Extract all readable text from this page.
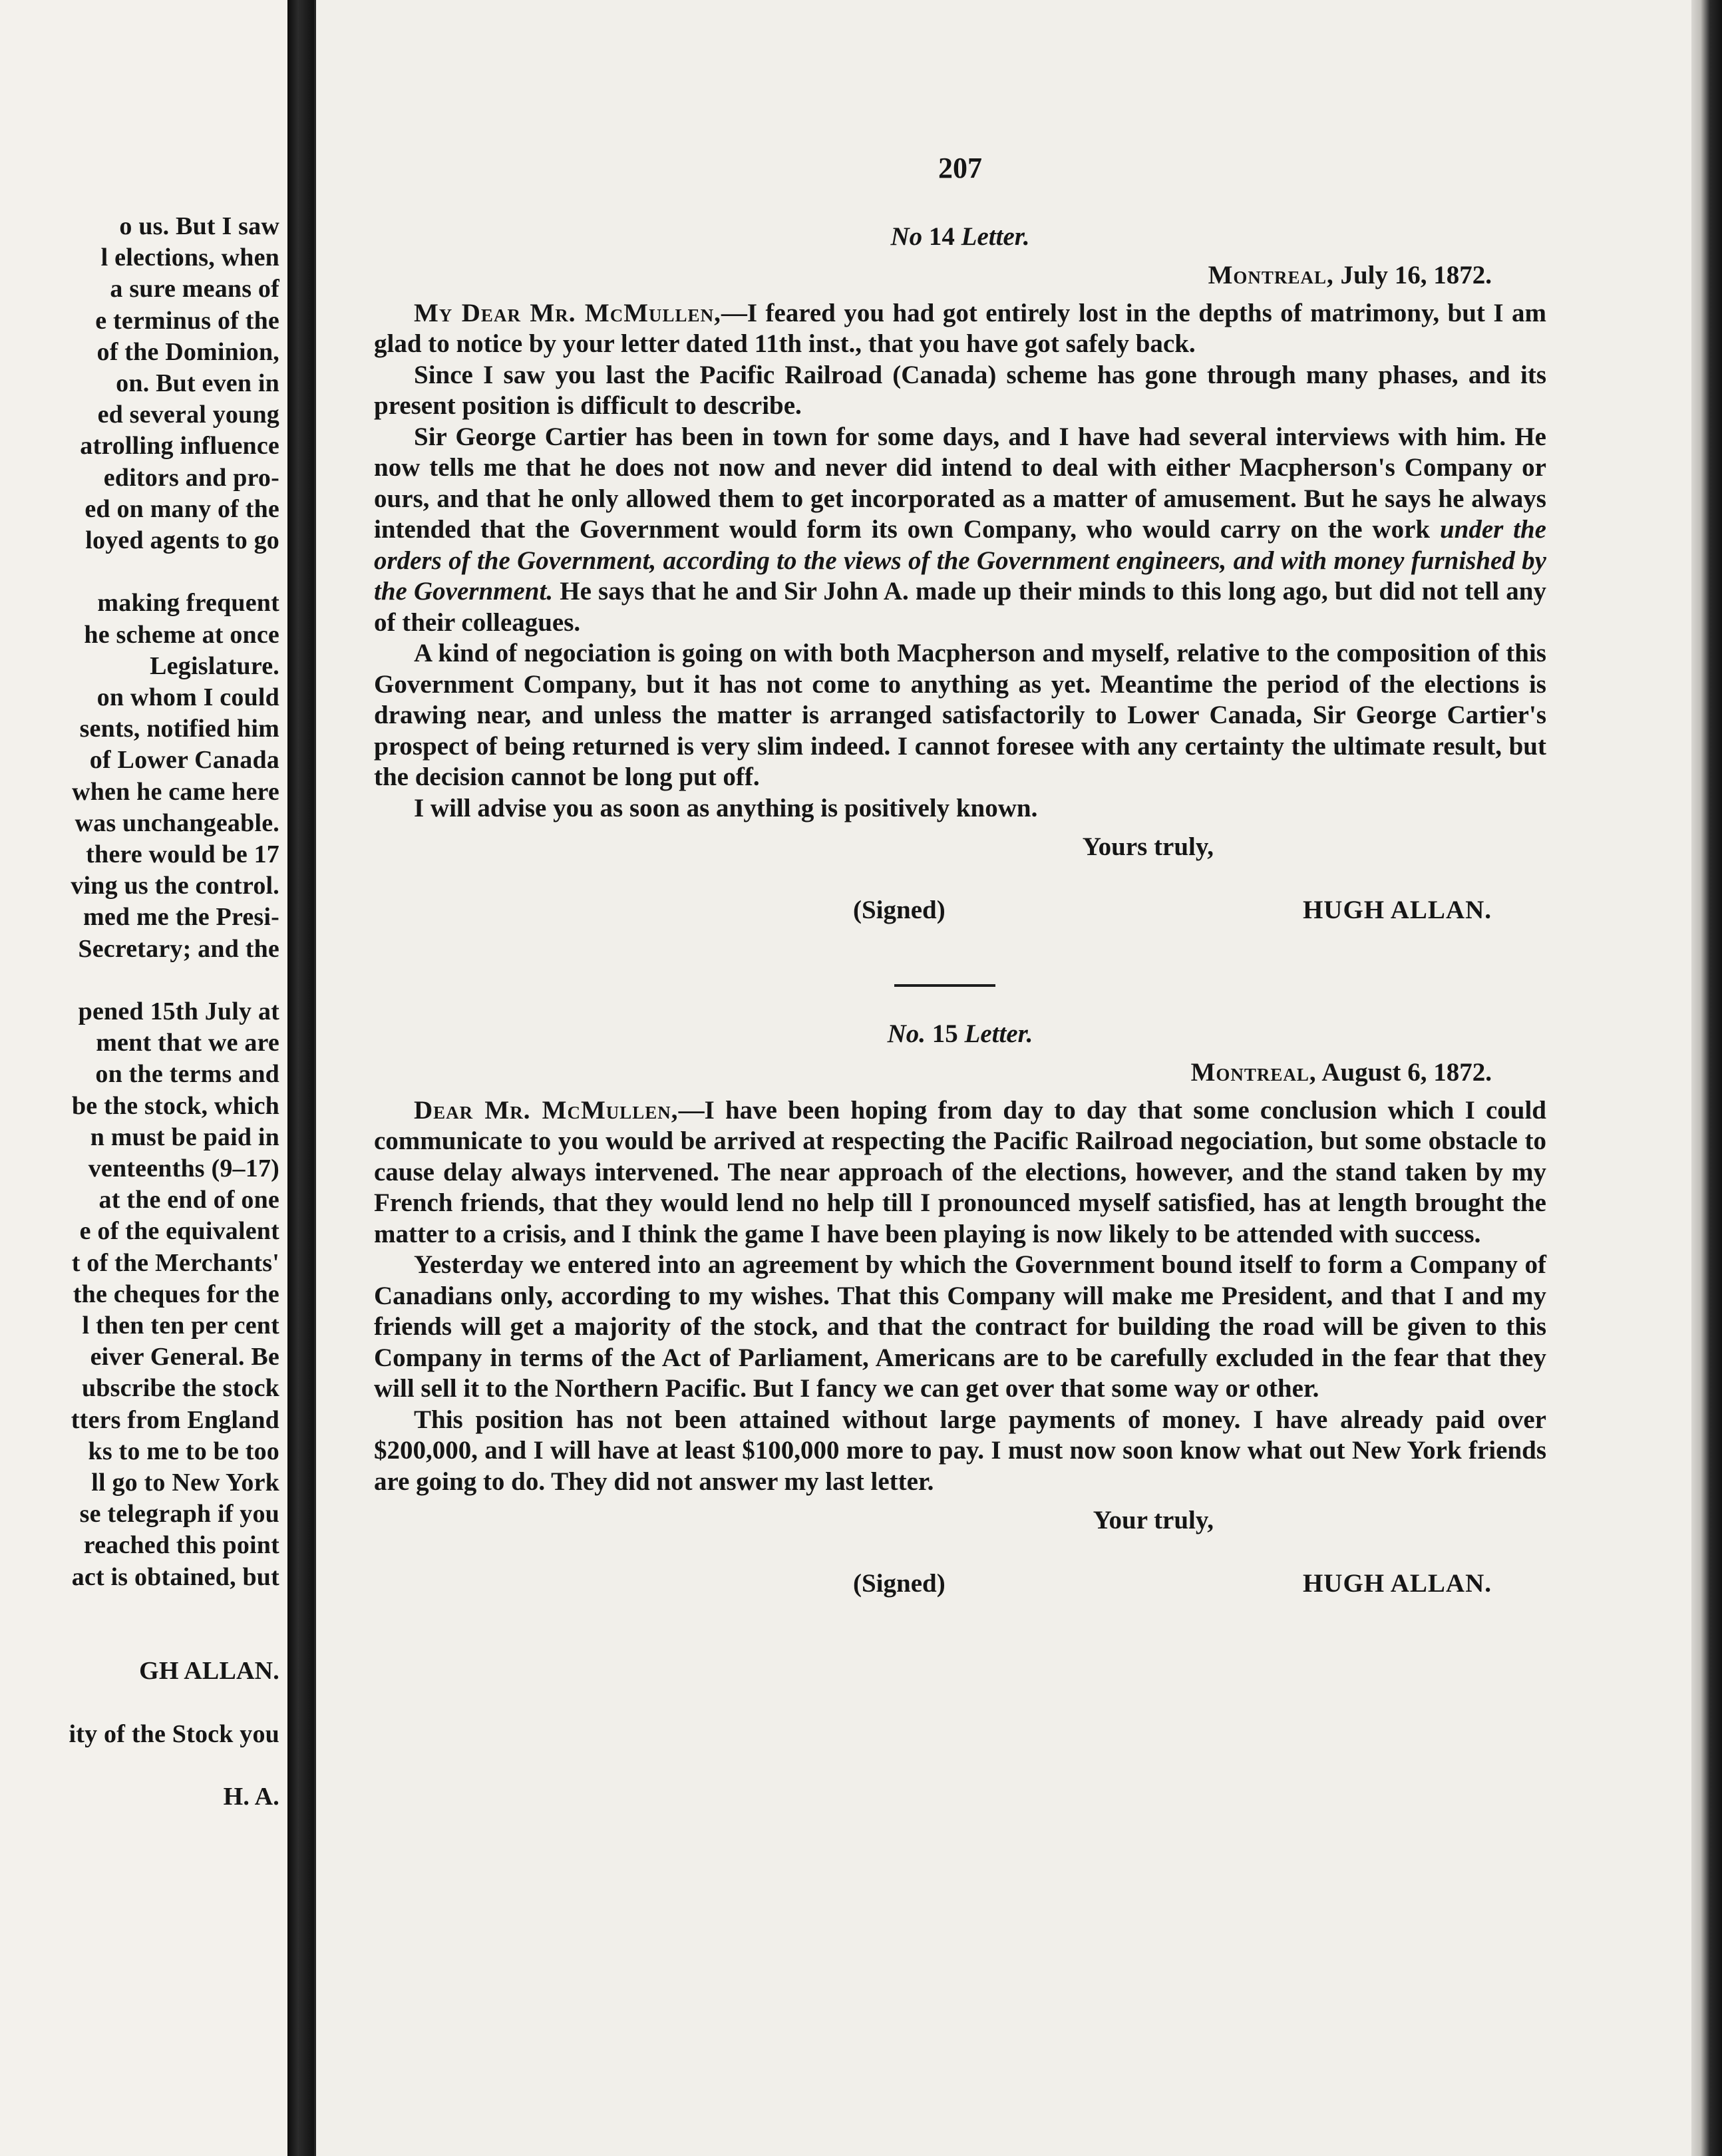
o us. But I saw
l elections, when
a sure means of
e terminus of the
of the Dominion,
on. But even in
ed several young
atrolling influence
editors and pro-
ed on many of the
loyed agents to go
making frequent
he scheme at once
Legislature.
on whom I could
sents, notified him
of Lower Canada
when he came here
was unchangeable.
there would be 17
ving us the control.
med me the Presi-
Secretary; and the
pened 15th July at
ment that we are
on the terms and
be the stock, which
n must be paid in
venteenths (9–17)
at the end of one
e of the equivalent
t of the Merchants'
the cheques for the
l then ten per cent
eiver General. Be
ubscribe the stock
tters from England
ks to me to be too
ll go to New York
se telegraph if you
reached this point
act is obtained, but
GH ALLAN.
ity of the Stock you
H. A.
207
No 14 Letter.
Montreal, July 16, 1872.

My Dear Mr. McMullen,—I feared you had got entirely lost in the depths of matrimony, but I am glad to notice by your letter dated 11th inst., that you have got safely back.

Since I saw you last the Pacific Railroad (Canada) scheme has gone through many phases, and its present position is difficult to describe.

Sir George Cartier has been in town for some days, and I have had several interviews with him. He now tells me that he does not now and never did intend to deal with either Macpherson's Company or ours, and that he only allowed them to get incorporated as a matter of amusement. But he says he always intended that the Government would form its own Company, who would carry on the work under the orders of the Government, according to the views of the Government engineers, and with money furnished by the Government. He says that he and Sir John A. made up their minds to this long ago, but did not tell any of their colleagues.

A kind of negociation is going on with both Macpherson and myself, relative to the composition of this Government Company, but it has not come to anything as yet. Meantime the period of the elections is drawing near, and unless the matter is arranged satisfactorily to Lower Canada, Sir George Cartier's prospect of being returned is very slim indeed. I cannot foresee with any certainty the ultimate result, but the decision cannot be long put off.

I will advise you as soon as anything is positively known.

Yours truly,
(Signed)	HUGH ALLAN.
No. 15 Letter.
Montreal, August 6, 1872.

Dear Mr. McMullen,—I have been hoping from day to day that some conclusion which I could communicate to you would be arrived at respecting the Pacific Railroad negociation, but some obstacle to cause delay always intervened. The near approach of the elections, however, and the stand taken by my French friends, that they would lend no help till I pronounced myself satisfied, has at length brought the matter to a crisis, and I think the game I have been playing is now likely to be attended with success.

Yesterday we entered into an agreement by which the Government bound itself to form a Company of Canadians only, according to my wishes. That this Company will make me President, and that I and my friends will get a majority of the stock, and that the contract for building the road will be given to this Company in terms of the Act of Parliament, Americans are to be carefully excluded in the fear that they will sell it to the Northern Pacific. But I fancy we can get over that some way or other.

This position has not been attained without large payments of money. I have already paid over $200,000, and I will have at least $100,000 more to pay. I must now soon know what out New York friends are going to do. They did not answer my last letter.

Your truly,
(Signed)	HUGH ALLAN.
